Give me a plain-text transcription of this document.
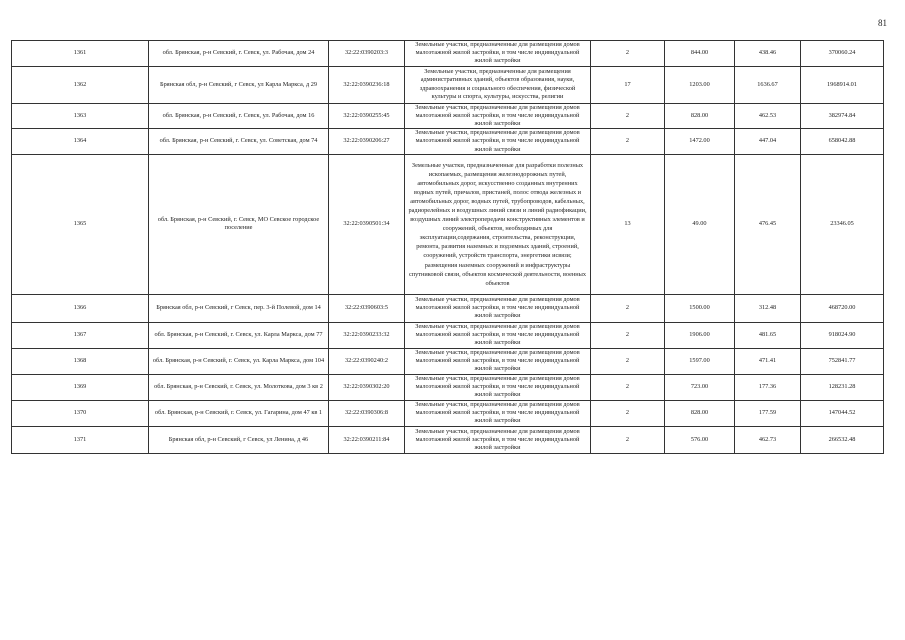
81
1361	обл. Брянская, р-н Севский, г. Севск, ул. Рабочая, дом 24	32:22:0390203:3	Земельные участки, предназначенные для размещения домов малоэтажной жилой застройки, в том числе индивидуальной жилой застройки	2	844.00	438.46	370060.24
1362	Брянская обл, р-н Севский, г Севск, ул Карла Маркса, д 29	32:22:0390236:18	Земельные участки, предназначенные для размещения административных зданий, объектов образования, науки, здравоохранения и социального обеспечения, физической культуры и спорта, культуры, искусства, религии	17	1203.00	1636.67	1968914.01
1363	обл. Брянская, р-н Севский, г. Севск, ул. Рабочая, дом 16	32:22:0390255:45	Земельные участки, предназначенные для размещения домов малоэтажной жилой застройки, в том числе индивидуальной жилой застройки	2	828.00	462.53	382974.84
1364	обл. Брянская, р-н Севский, г. Севск, ул. Советская, дом 74	32:22:0390206:27	Земельные участки, предназначенные для размещения домов малоэтажной жилой застройки, в том числе индивидуальной жилой застройки	2	1472.00	447.04	658042.88
1365	обл. Брянская, р-н Севский, г. Севск, МО Севское городское поселение	32:22:0390501:34	Земельные участки, предназначенные для разработки полезных ископаемых, размещения железнодорожных путей, автомобильных дорог, искусственно созданных внутренних водных путей, причалов, пристаней, полос отвода железных и автомобильных дорог, водных путей, трубопроводов, кабельных, радиорелейных и воздушных линий связи и линий радиофикации, воздушных линий электропередачи конструктивных элементов и сооружений, объектов, необходимых для эксплуатации,содержания, строительства, реконструкции, ремонта, развития наземных и подземных зданий, строений, сооружений, устройств транспорта, энергетики исвязи; размещения наземных сооружений и инфраструктуры спутниковой связи, объектов космической деятельности, военных объектов	13	49.00	476.45	23346.05
1366	Брянская обл, р-н Севский, г Севск, пер. 3-й Полевой, дом 14	32:22:0390603:5	Земельные участки, предназначенные для размещения домов малоэтажной жилой застройки, в том числе индивидуальной жилой застройки	2	1500.00	312.48	468720.00
1367	обл. Брянская, р-н Севский, г. Севск, ул. Карла Маркса, дом 77	32:22:0390233:32	Земельные участки, предназначенные для размещения домов малоэтажной жилой застройки, в том числе индивидуальной жилой застройки	2	1906.00	481.65	918024.90
1368	обл. Брянская, р-н Севский, г. Севск, ул. Карла Маркса, дом 104	32:22:0390240:2	Земельные участки, предназначенные для размещения домов малоэтажной жилой застройки, в том числе индивидуальной жилой застройки	2	1597.00	471.41	752841.77
1369	обл. Брянская, р-н Севский, г. Севск, ул. Молоткова, дом 3 кв 2	32:22:0390302:20	Земельные участки, предназначенные для размещения домов малоэтажной жилой застройки, в том числе индивидуальной жилой застройки	2	723.00	177.36	128231.28
1370	обл. Брянская, р-н Севский, г. Севск, ул. Гагарина, дом 47 кв 1	32:22:0390306:8	Земельные участки, предназначенные для размещения домов малоэтажной жилой застройки, в том числе индивидуальной жилой застройки	2	828.00	177.59	147044.52
1371	Брянская обл, р-н Севский, г Севск, ул Ленина, д 46	32:22:0390211:84	Земельные участки, предназначенные для размещения домов малоэтажной жилой застройки, в том числе индивидуальной жилой застройки	2	576.00	462.73	266532.48
